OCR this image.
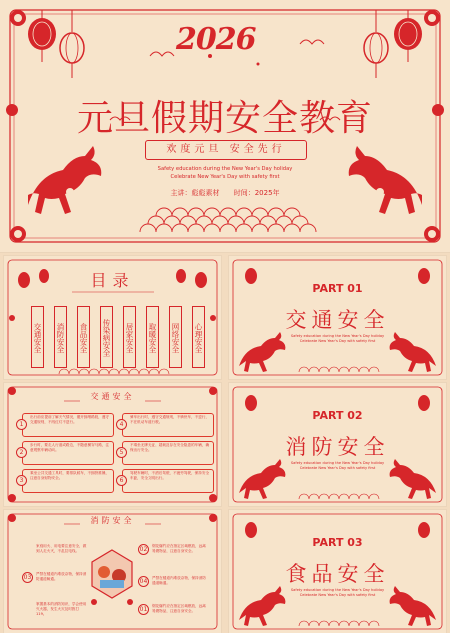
2026
元旦假期安全教育
欢度元旦 安全先行
Safety education during the New Year's Day holiday
Celebrate New Year's Day with safety first
主讲：彪彪素材 时间：2025年
目录
交通安全 消防安全 食品安全 传染病安全 居家安全 取暖安全 网络安全 心理安全
PART 01
交通安全
Safety education during the New Year's Day holiday
Celebrate New Year's Day with safety first
交通安全
1
出行前应提前了解天气情况，避开拥堵路段，遵守交通规则，不闯红灯不逆行。
2
步行时，要走人行道或路边，不随意横穿马路，注意观察车辆动向。
3
乘坐公共交通工具时，要排队候车，不拥挤推搡，注意自身财物安全。
4
骑车出行时，遵守交通规则，不骑快车，不逆行，不在机动车道行驶。
5
不乘坐无牌无证、超载及存在安全隐患的车辆，确保出行安全。
6
驾驶车辆时，不酒后驾驶，不疲劳驾驶，保持安全车距，安全文明出行。
PART 02
消防安全
Safety education during the New Year's Day holiday
Celebrate New Year's Day with safety first
消防安全
家庭用火、用电要注意安全，做到人走火灭，不乱拉电线。
03	严禁在楼道内堆放杂物，保持消防通道畅通。
掌握基本的消防知识，学会使用灭火器，发生火灾及时拨打119。
02	烟花爆竹应在指定区域燃放，远离易燃物品，注意自身安全。
04	严禁在楼道内堆放杂物，保持消防通道畅通。
01	烟花爆竹应在指定区域燃放，远离易燃物品，注意自身安全。
PART 03
食品安全
Safety education during the New Year's Day holiday
Celebrate New Year's Day with safety first
